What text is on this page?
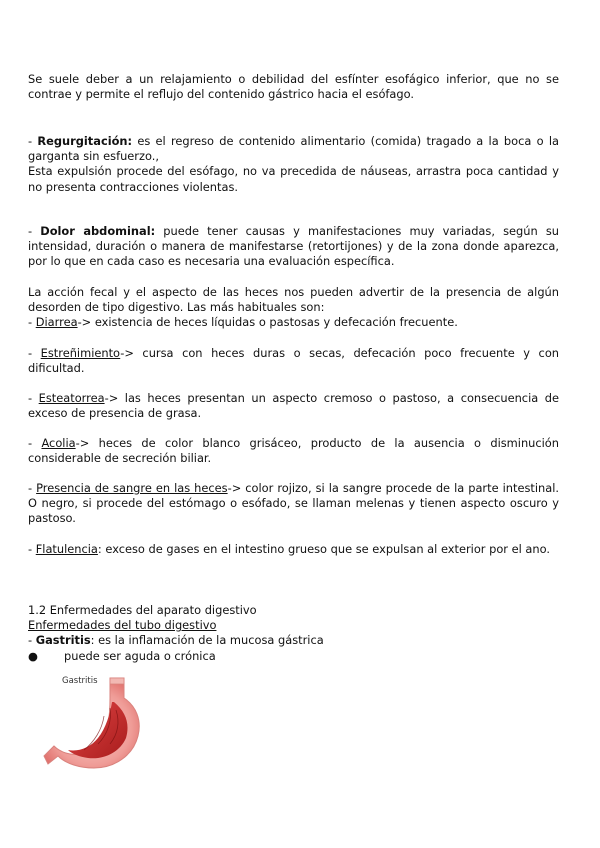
Se suele deber a un relajamiento o debilidad del esfínter esofágico inferior, que no se contrae y permite el reflujo del contenido gástrico hacia el esófago.

- Regurgitación: es el regreso de contenido alimentario (comida) tragado a la boca o la garganta sin esfuerzo.,

Esta expulsión procede del esófago, no va precedida de náuseas, arrastra poca cantidad y no presenta contracciones violentas.

- Dolor abdominal: puede tener causas y manifestaciones muy variadas, según su intensidad, duración o manera de manifestarse (retortijones) y de la zona donde aparezca, por lo que en cada caso es necesaria una evaluación específica.

La acción fecal y el aspecto de las heces nos pueden advertir de la presencia de algún desorden de tipo digestivo. Las más habituales son:

- Diarrea-> existencia de heces líquidas o pastosas y defecación frecuente.

- Estreñimiento-> cursa con heces duras o secas, defecación poco frecuente y con dificultad.

- Esteatorrea-> las heces presentan un aspecto cremoso o pastoso, a consecuencia de exceso de presencia de grasa.

- Acolia-> heces de color blanco grisáceo, producto de la ausencia o disminución considerable de secreción biliar.

- Presencia de sangre en las heces-> color rojizo, si la sangre procede de la parte intestinal. O negro, si procede del estómago o esófado, se llaman melenas y tienen aspecto oscuro y pastoso.

- Flatulencia: exceso de gases en el intestino grueso que se expulsan al exterior por el ano.

1.2 Enfermedades del aparato digestivo

Enfermedades del tubo digestivo

- Gastritis: es la inflamación de la mucosa gástrica

●	puede ser aguda o crónica
Gastritis
